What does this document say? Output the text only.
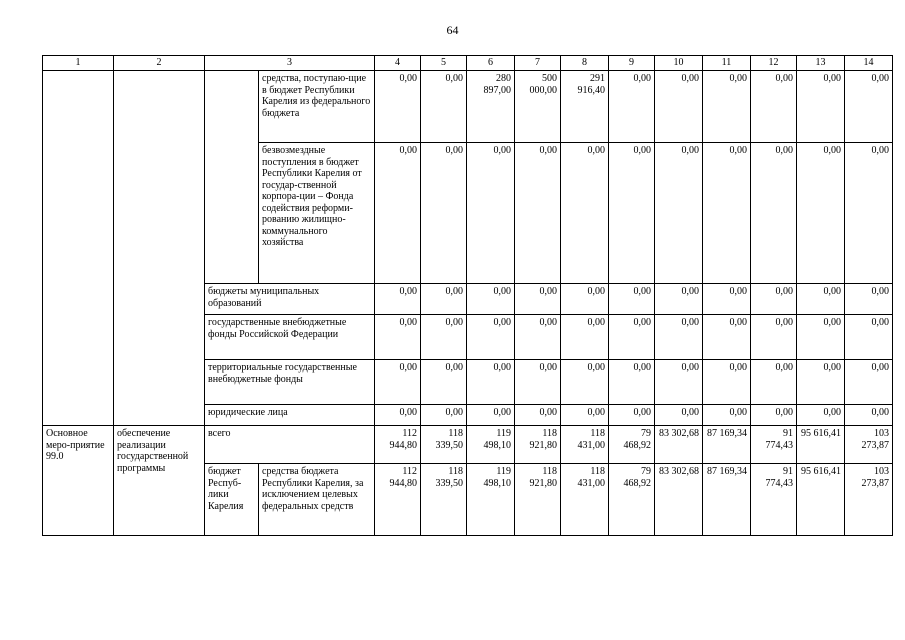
64
1	2	3		4	5	6	7	8	9	10	11	12	13	14
			средства, поступаю-щие в бюджет Республики Карелия из федерального бюджета	0,00	0,00	280 897,00	500 000,00	291 916,40	0,00	0,00	0,00	0,00	0,00	0,00
			безвозмездные поступления в бюджет Республики Карелия от государ-ственной корпора-ции – Фонда содействия реформи-рованию жилищно-коммунального хозяйства	0,00	0,00	0,00	0,00	0,00	0,00	0,00	0,00	0,00	0,00	0,00
		бюджеты муниципальных образований		0,00	0,00	0,00	0,00	0,00	0,00	0,00	0,00	0,00	0,00	0,00
		государственные внебюджетные фонды Российской Федерации		0,00	0,00	0,00	0,00	0,00	0,00	0,00	0,00	0,00	0,00	0,00
		территориальные государственные внебюджетные фонды		0,00	0,00	0,00	0,00	0,00	0,00	0,00	0,00	0,00	0,00	0,00
		юридические лица		0,00	0,00	0,00	0,00	0,00	0,00	0,00	0,00	0,00	0,00	0,00
Основное меро-приятие 99.0	обеспечение реализации государственной программы	всего		112 944,80	118 339,50	119 498,10	118 921,80	118 431,00	79 468,92	83 302,68	87 169,34	91 774,43	95 616,41	103 273,87
		бюджет Респуб-лики Карелия	средства бюджета Республики Карелия, за исключением целевых федеральных средств	112 944,80	118 339,50	119 498,10	118 921,80	118 431,00	79 468,92	83 302,68	87 169,34	91 774,43	95 616,41	103 273,87
